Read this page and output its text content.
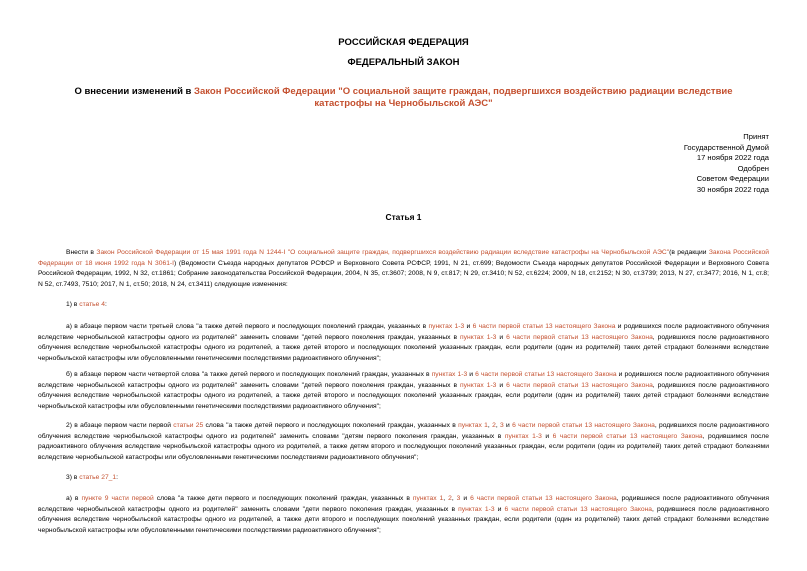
РОССИЙСКАЯ ФЕДЕРАЦИЯ
ФЕДЕРАЛЬНЫЙ ЗАКОН
О внесении изменений в Закон Российской Федерации "О социальной защите граждан, подвергшихся воздействию радиации вследствие катастрофы на Чернобыльской АЭС"
Принят
Государственной Думой
17 ноября 2022 года
Одобрен
Советом Федерации
30 ноября 2022 года
Статья 1

Внести в Закон Российской Федерации от 15 мая 1991 года N 1244-I "О социальной защите граждан, подвергшихся воздействию радиации вследствие катастрофы на Чернобыльской АЭС"(в редакции Закона Российской Федерации от 18 июня 1992 года N 3061-I) (Ведомости Съезда народных депутатов РСФСР и Верховного Совета РСФСР, 1991, N 21, ст.699; Ведомости Съезда народных депутатов Российской Федерации и Верховного Совета Российской Федерации, 1992, N 32, ст.1861; Собрание законодательства Российской Федерации, 2004, N 35, ст.3607; 2008, N 9, ст.817; N 29, ст.3410; N 52, ст.6224; 2009, N 18, ст.2152; N 30, ст.3739; 2013, N 27, ст.3477; 2016, N 1, ст.8; N 52, ст.7493, 7510; 2017, N 1, ст.50; 2018, N 24, ст.3411) следующие изменения:

1) в статье 4:

а) в абзаце первом части третьей слова "а также детей первого и последующих поколений граждан, указанных в пунктах 1-3 и 6 части первой статьи 13 настоящего Закона и родившихся после радиоактивного облучения вследствие чернобыльской катастрофы одного из родителей" заменить словами "детей первого поколения граждан, указанных в пунктах 1-3 и 6 части первой статьи 13 настоящего Закона, родившихся после радиоактивного облучения вследствие чернобыльской катастрофы одного из родителей, а также детей второго и последующих поколений указанных граждан, если родители (один из родителей) таких детей страдают болезнями вследствие чернобыльской катастрофы или обусловленными генетическими последствиями радиоактивного облучения";

б) в абзаце первом части четвертой слова "а также детей первого и последующих поколений граждан, указанных в пунктах 1-3 и 6 части первой статьи 13 настоящего Закона и родившихся после радиоактивного облучения вследствие чернобыльской катастрофы одного из родителей" заменить словами "детей первого поколения граждан, указанных в пунктах 1-3 и 6 части первой статьи 13 настоящего Закона, родившихся после радиоактивного облучения вследствие чернобыльской катастрофы одного из родителей, а также детей второго и последующих поколений указанных граждан, если родители (один из родителей) таких детей страдают болезнями вследствие чернобыльской катастрофы или обусловленными генетическими последствиями радиоактивного облучения";

2) в абзаце первом части первой статьи 25 слова "а также детей первого и последующих поколений граждан, указанных в пунктах 1, 2, 3 и 6 части первой статьи 13 настоящего Закона, родившихся после радиоактивного облучения вследствие чернобыльской катастрофы одного из родителей" заменить словами "детям первого поколения граждан, указанных в пунктах 1-3 и 6 части первой статьи 13 настоящего Закона, родившимся после радиоактивного облучения вследствие чернобыльской катастрофы одного из родителей, а также детям второго и последующих поколений указанных граждан, если родители (один из родителей) таких детей страдают болезнями вследствие чернобыльской катастрофы или обусловленными генетическими последствиями радиоактивного облучения";

3) в статье 27_1:

а) в пункте 9 части первой слова "а также дети первого и последующих поколений граждан, указанных в пунктах 1, 2, 3 и 6 части первой статьи 13 настоящего Закона, родившиеся после радиоактивного облучения вследствие чернобыльской катастрофы одного из родителей" заменить словами "дети первого поколения граждан, указанных в пунктах 1-3 и 6 части первой статьи 13 настоящего Закона, родившиеся после радиоактивного облучения вследствие чернобыльской катастрофы одного из родителей, а также дети второго и последующих поколений указанных граждан, если родители (один из родителей) таких детей страдают болезнями вследствие чернобыльской катастрофы или обусловленными генетическими последствиями радиоактивного облучения";
